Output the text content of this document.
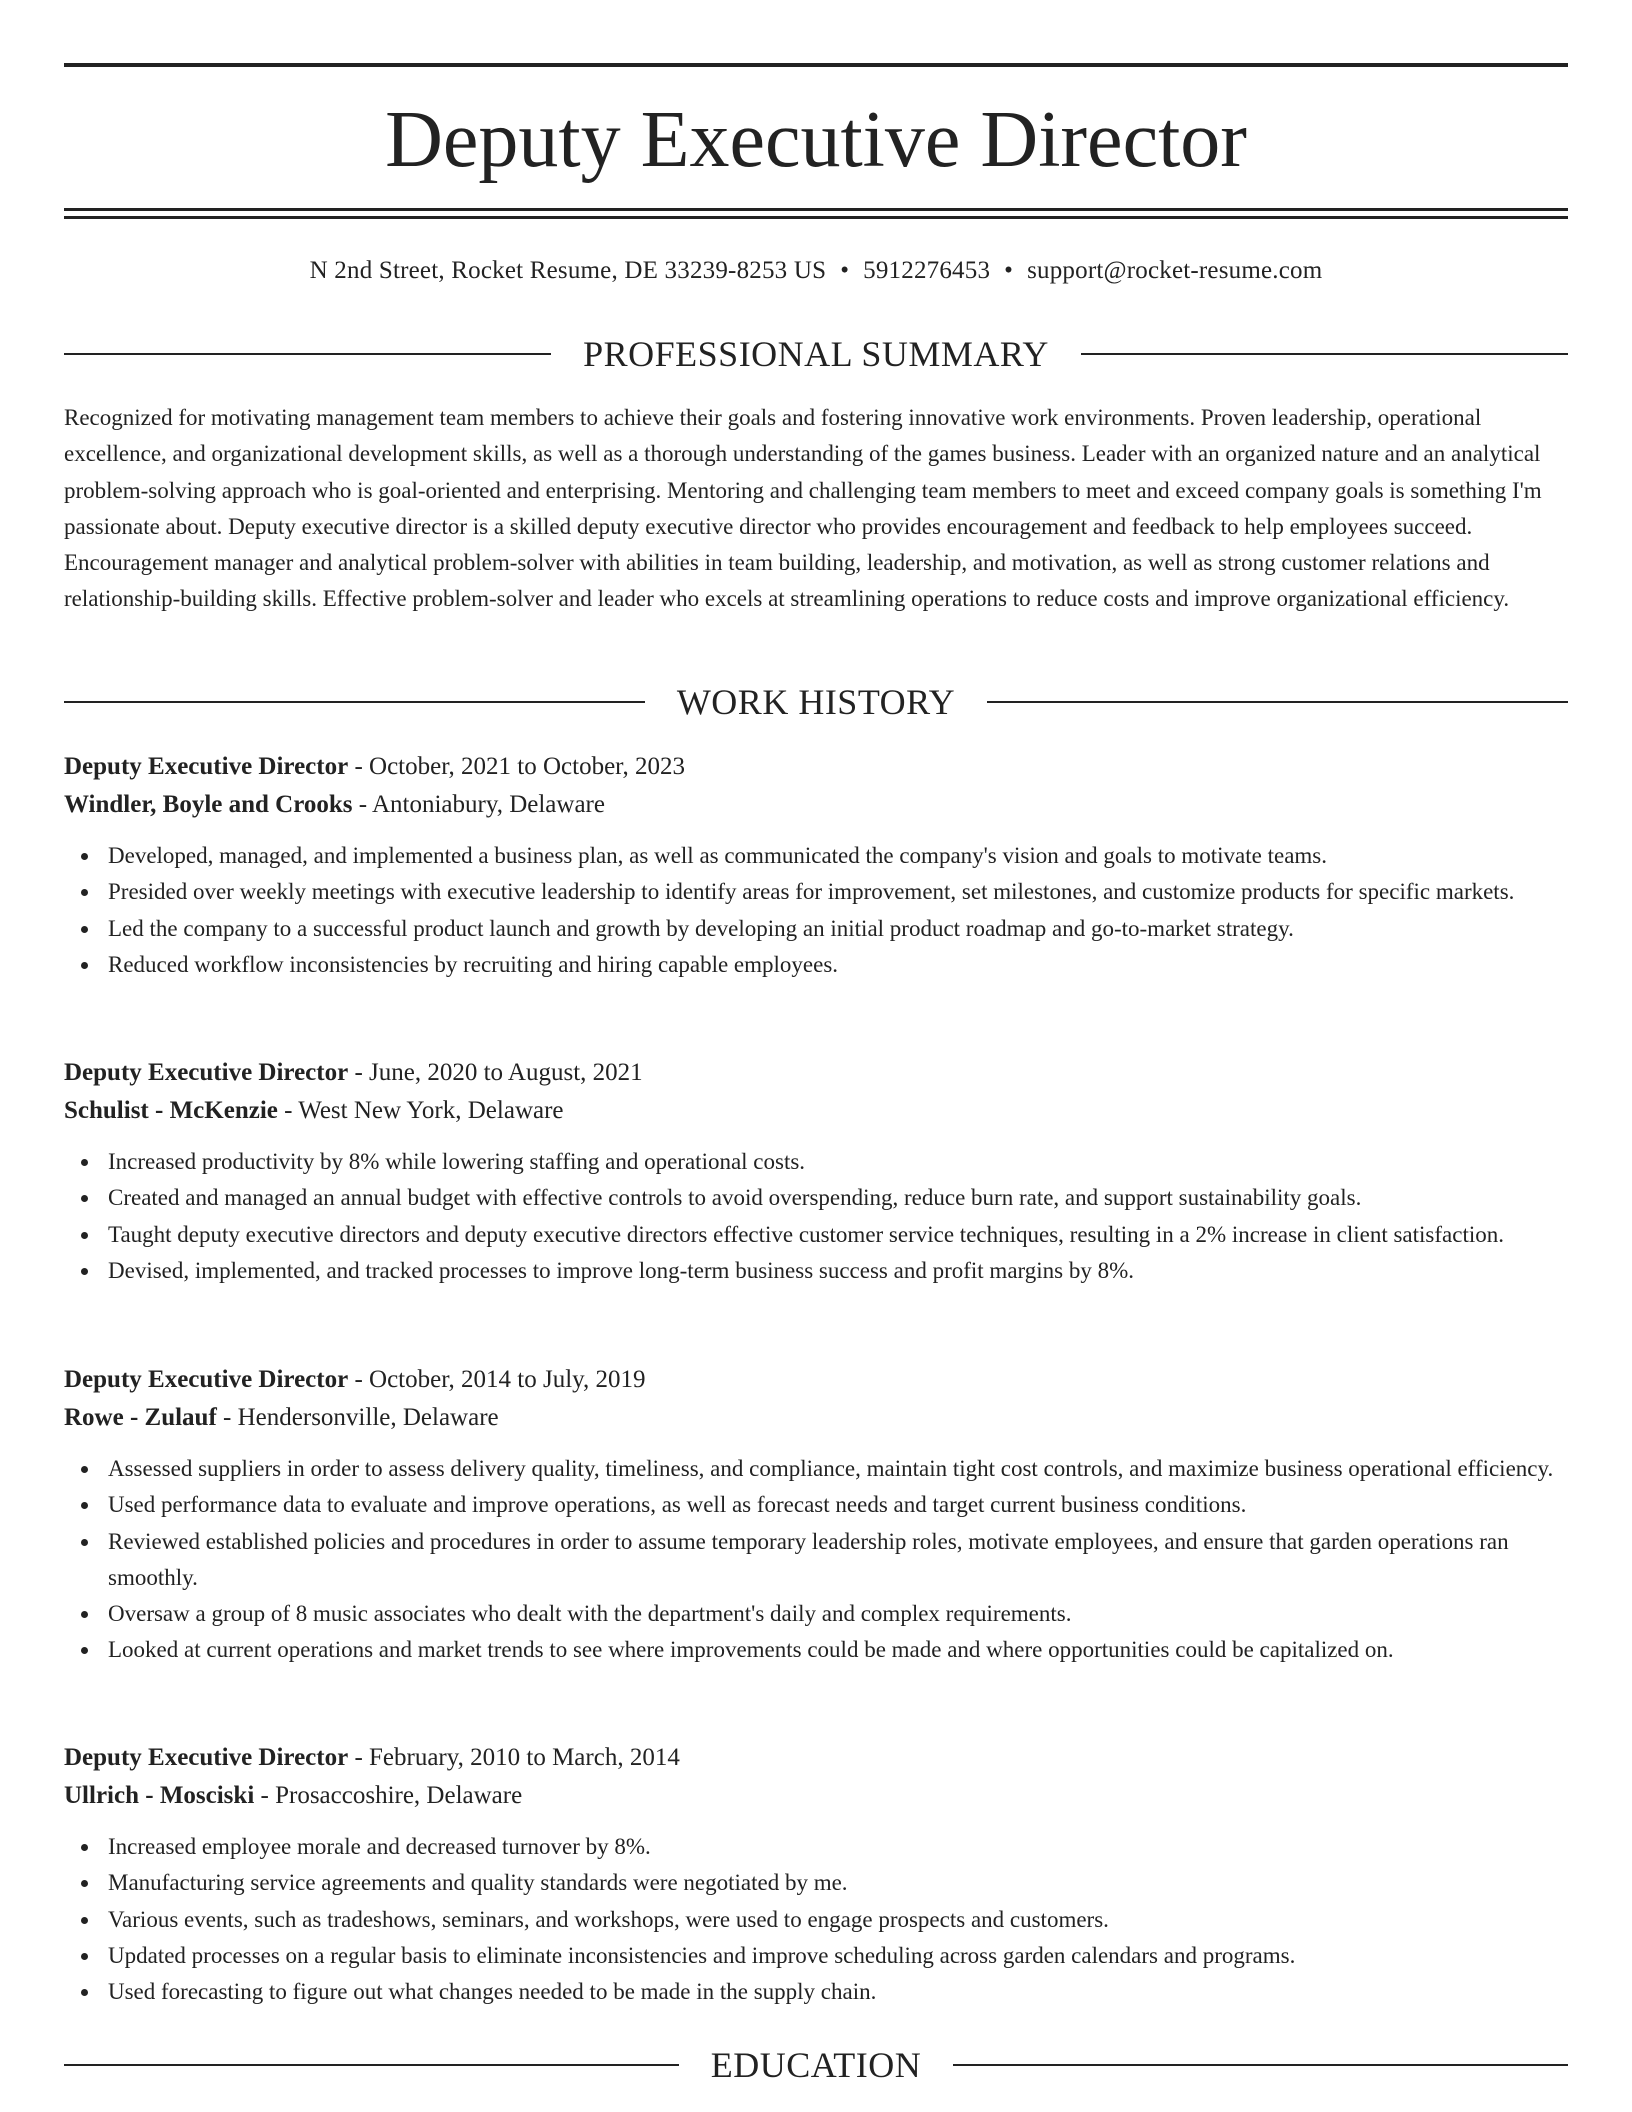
Deputy Executive Director
N 2nd Street, Rocket Resume, DE 33239-8253 US • 5912276453 • support@rocket-resume.com
PROFESSIONAL SUMMARY

Recognized for motivating management team members to achieve their goals and fostering innovative work environments. Proven leadership, operational excellence, and organizational development skills, as well as a thorough understanding of the games business. Leader with an organized nature and an analytical problem-solving approach who is goal-oriented and enterprising. Mentoring and challenging team members to meet and exceed company goals is something I'm passionate about. Deputy executive director is a skilled deputy executive director who provides encouragement and feedback to help employees succeed. Encouragement manager and analytical problem-solver with abilities in team building, leadership, and motivation, as well as strong customer relations and relationship-building skills. Effective problem-solver and leader who excels at streamlining operations to reduce costs and improve organizational efficiency.

WORK HISTORY
Deputy Executive Director - October, 2021 to October, 2023
Windler, Boyle and Crooks - Antoniabury, Delaware
Developed, managed, and implemented a business plan, as well as communicated the company's vision and goals to motivate teams.
Presided over weekly meetings with executive leadership to identify areas for improvement, set milestones, and customize products for specific markets.
Led the company to a successful product launch and growth by developing an initial product roadmap and go-to-market strategy.
Reduced workflow inconsistencies by recruiting and hiring capable employees.
Deputy Executive Director - June, 2020 to August, 2021
Schulist - McKenzie - West New York, Delaware
Increased productivity by 8% while lowering staffing and operational costs.
Created and managed an annual budget with effective controls to avoid overspending, reduce burn rate, and support sustainability goals.
Taught deputy executive directors and deputy executive directors effective customer service techniques, resulting in a 2% increase in client satisfaction.
Devised, implemented, and tracked processes to improve long-term business success and profit margins by 8%.
Deputy Executive Director - October, 2014 to July, 2019
Rowe - Zulauf - Hendersonville, Delaware
Assessed suppliers in order to assess delivery quality, timeliness, and compliance, maintain tight cost controls, and maximize business operational efficiency.
Used performance data to evaluate and improve operations, as well as forecast needs and target current business conditions.
Reviewed established policies and procedures in order to assume temporary leadership roles, motivate employees, and ensure that garden operations ran smoothly.
Oversaw a group of 8 music associates who dealt with the department's daily and complex requirements.
Looked at current operations and market trends to see where improvements could be made and where opportunities could be capitalized on.
Deputy Executive Director - February, 2010 to March, 2014
Ullrich - Mosciski - Prosaccoshire, Delaware
Increased employee morale and decreased turnover by 8%.
Manufacturing service agreements and quality standards were negotiated by me.
Various events, such as tradeshows, seminars, and workshops, were used to engage prospects and customers.
Updated processes on a regular basis to eliminate inconsistencies and improve scheduling across garden calendars and programs.
Used forecasting to figure out what changes needed to be made in the supply chain.
EDUCATION
